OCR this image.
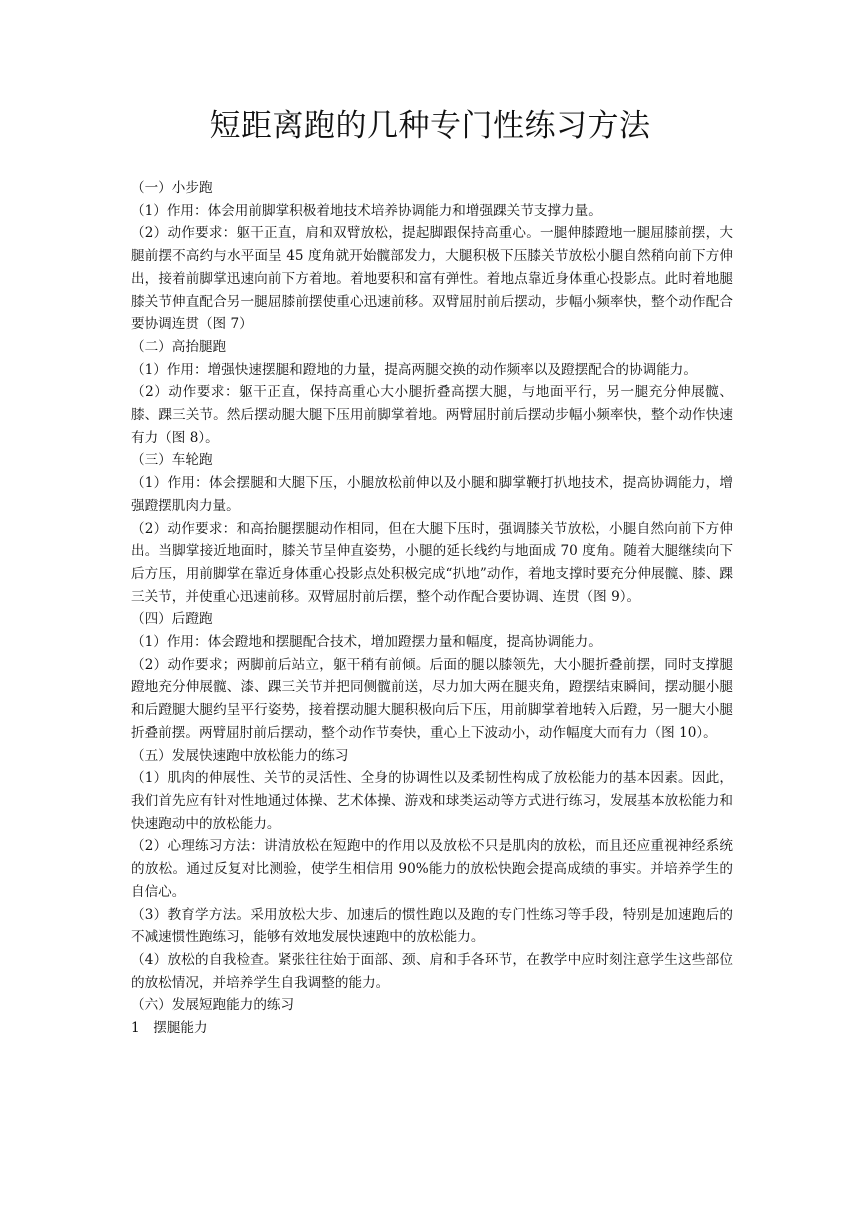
短距离跑的几种专门性练习方法

（一）小步跑

（1）作用：体会用前脚掌积极着地技术培养协调能力和增强踝关节支撑力量。

（2）动作要求：躯干正直，肩和双臂放松，提起脚跟保持高重心。一腿伸膝蹬地一腿屈膝前摆，大腿前摆不高约与水平面呈 45 度角就开始髋部发力，大腿积极下压膝关节放松小腿自然稍向前下方伸出，接着前脚掌迅速向前下方着地。着地要积和富有弹性。着地点靠近身体重心投影点。此时着地腿膝关节伸直配合另一腿屈膝前摆使重心迅速前移。双臂屈肘前后摆动，步幅小频率快，整个动作配合要协调连贯（图 7）

（二）高抬腿跑

（1）作用：增强快速摆腿和蹬地的力量，提高两腿交换的动作频率以及蹬摆配合的协调能力。

（2）动作要求：躯干正直，保持高重心大小腿折叠高摆大腿，与地面平行，另一腿充分伸展髋、膝、踝三关节。然后摆动腿大腿下压用前脚掌着地。两臂屈肘前后摆动步幅小频率快，整个动作快速有力（图 8）。

（三）车轮跑

（1）作用：体会摆腿和大腿下压，小腿放松前伸以及小腿和脚掌鞭打扒地技术，提高协调能力，增强蹬摆肌肉力量。

（2）动作要求：和高抬腿摆腿动作相同，但在大腿下压时，强调膝关节放松，小腿自然向前下方伸出。当脚掌接近地面时，膝关节呈伸直姿势，小腿的延长线约与地面成 70 度角。随着大腿继续向下后方压，用前脚掌在靠近身体重心投影点处积极完成“扒地”动作，着地支撑时要充分伸展髋、膝、踝三关节，并使重心迅速前移。双臂屈肘前后摆，整个动作配合要协调、连贯（图 9）。

（四）后蹬跑

（1）作用：体会蹬地和摆腿配合技术，增加蹬摆力量和幅度，提高协调能力。

（2）动作要求；两脚前后站立，躯干稍有前倾。后面的腿以膝领先，大小腿折叠前摆，同时支撑腿蹬地充分伸展髋、漆、踝三关节并把同侧髋前送，尽力加大两在腿夹角，蹬摆结束瞬间，摆动腿小腿和后蹬腿大腿约呈平行姿势，接着摆动腿大腿积极向后下压，用前脚掌着地转入后蹬，另一腿大小腿折叠前摆。两臂屈肘前后摆动，整个动作节奏快，重心上下波动小，动作幅度大而有力（图 10）。

（五）发展快速跑中放松能力的练习

（1）肌肉的伸展性、关节的灵活性、全身的协调性以及柔韧性构成了放松能力的基本因素。因此，我们首先应有针对性地通过体操、艺术体操、游戏和球类运动等方式进行练习，发展基本放松能力和快速跑动中的放松能力。

（2）心理练习方法：讲清放松在短跑中的作用以及放松不只是肌肉的放松，而且还应重视神经系统的放松。通过反复对比测验，使学生相信用 90%能力的放松快跑会提高成绩的事实。并培养学生的自信心。

（3）教育学方法。采用放松大步、加速后的惯性跑以及跑的专门性练习等手段，特别是加速跑后的不减速惯性跑练习，能够有效地发展快速跑中的放松能力。

（4）放松的自我检查。紧张往往始于面部、颈、肩和手各环节，在教学中应时刻注意学生这些部位的放松情况，并培养学生自我调整的能力。

（六）发展短跑能力的练习

1　摆腿能力
